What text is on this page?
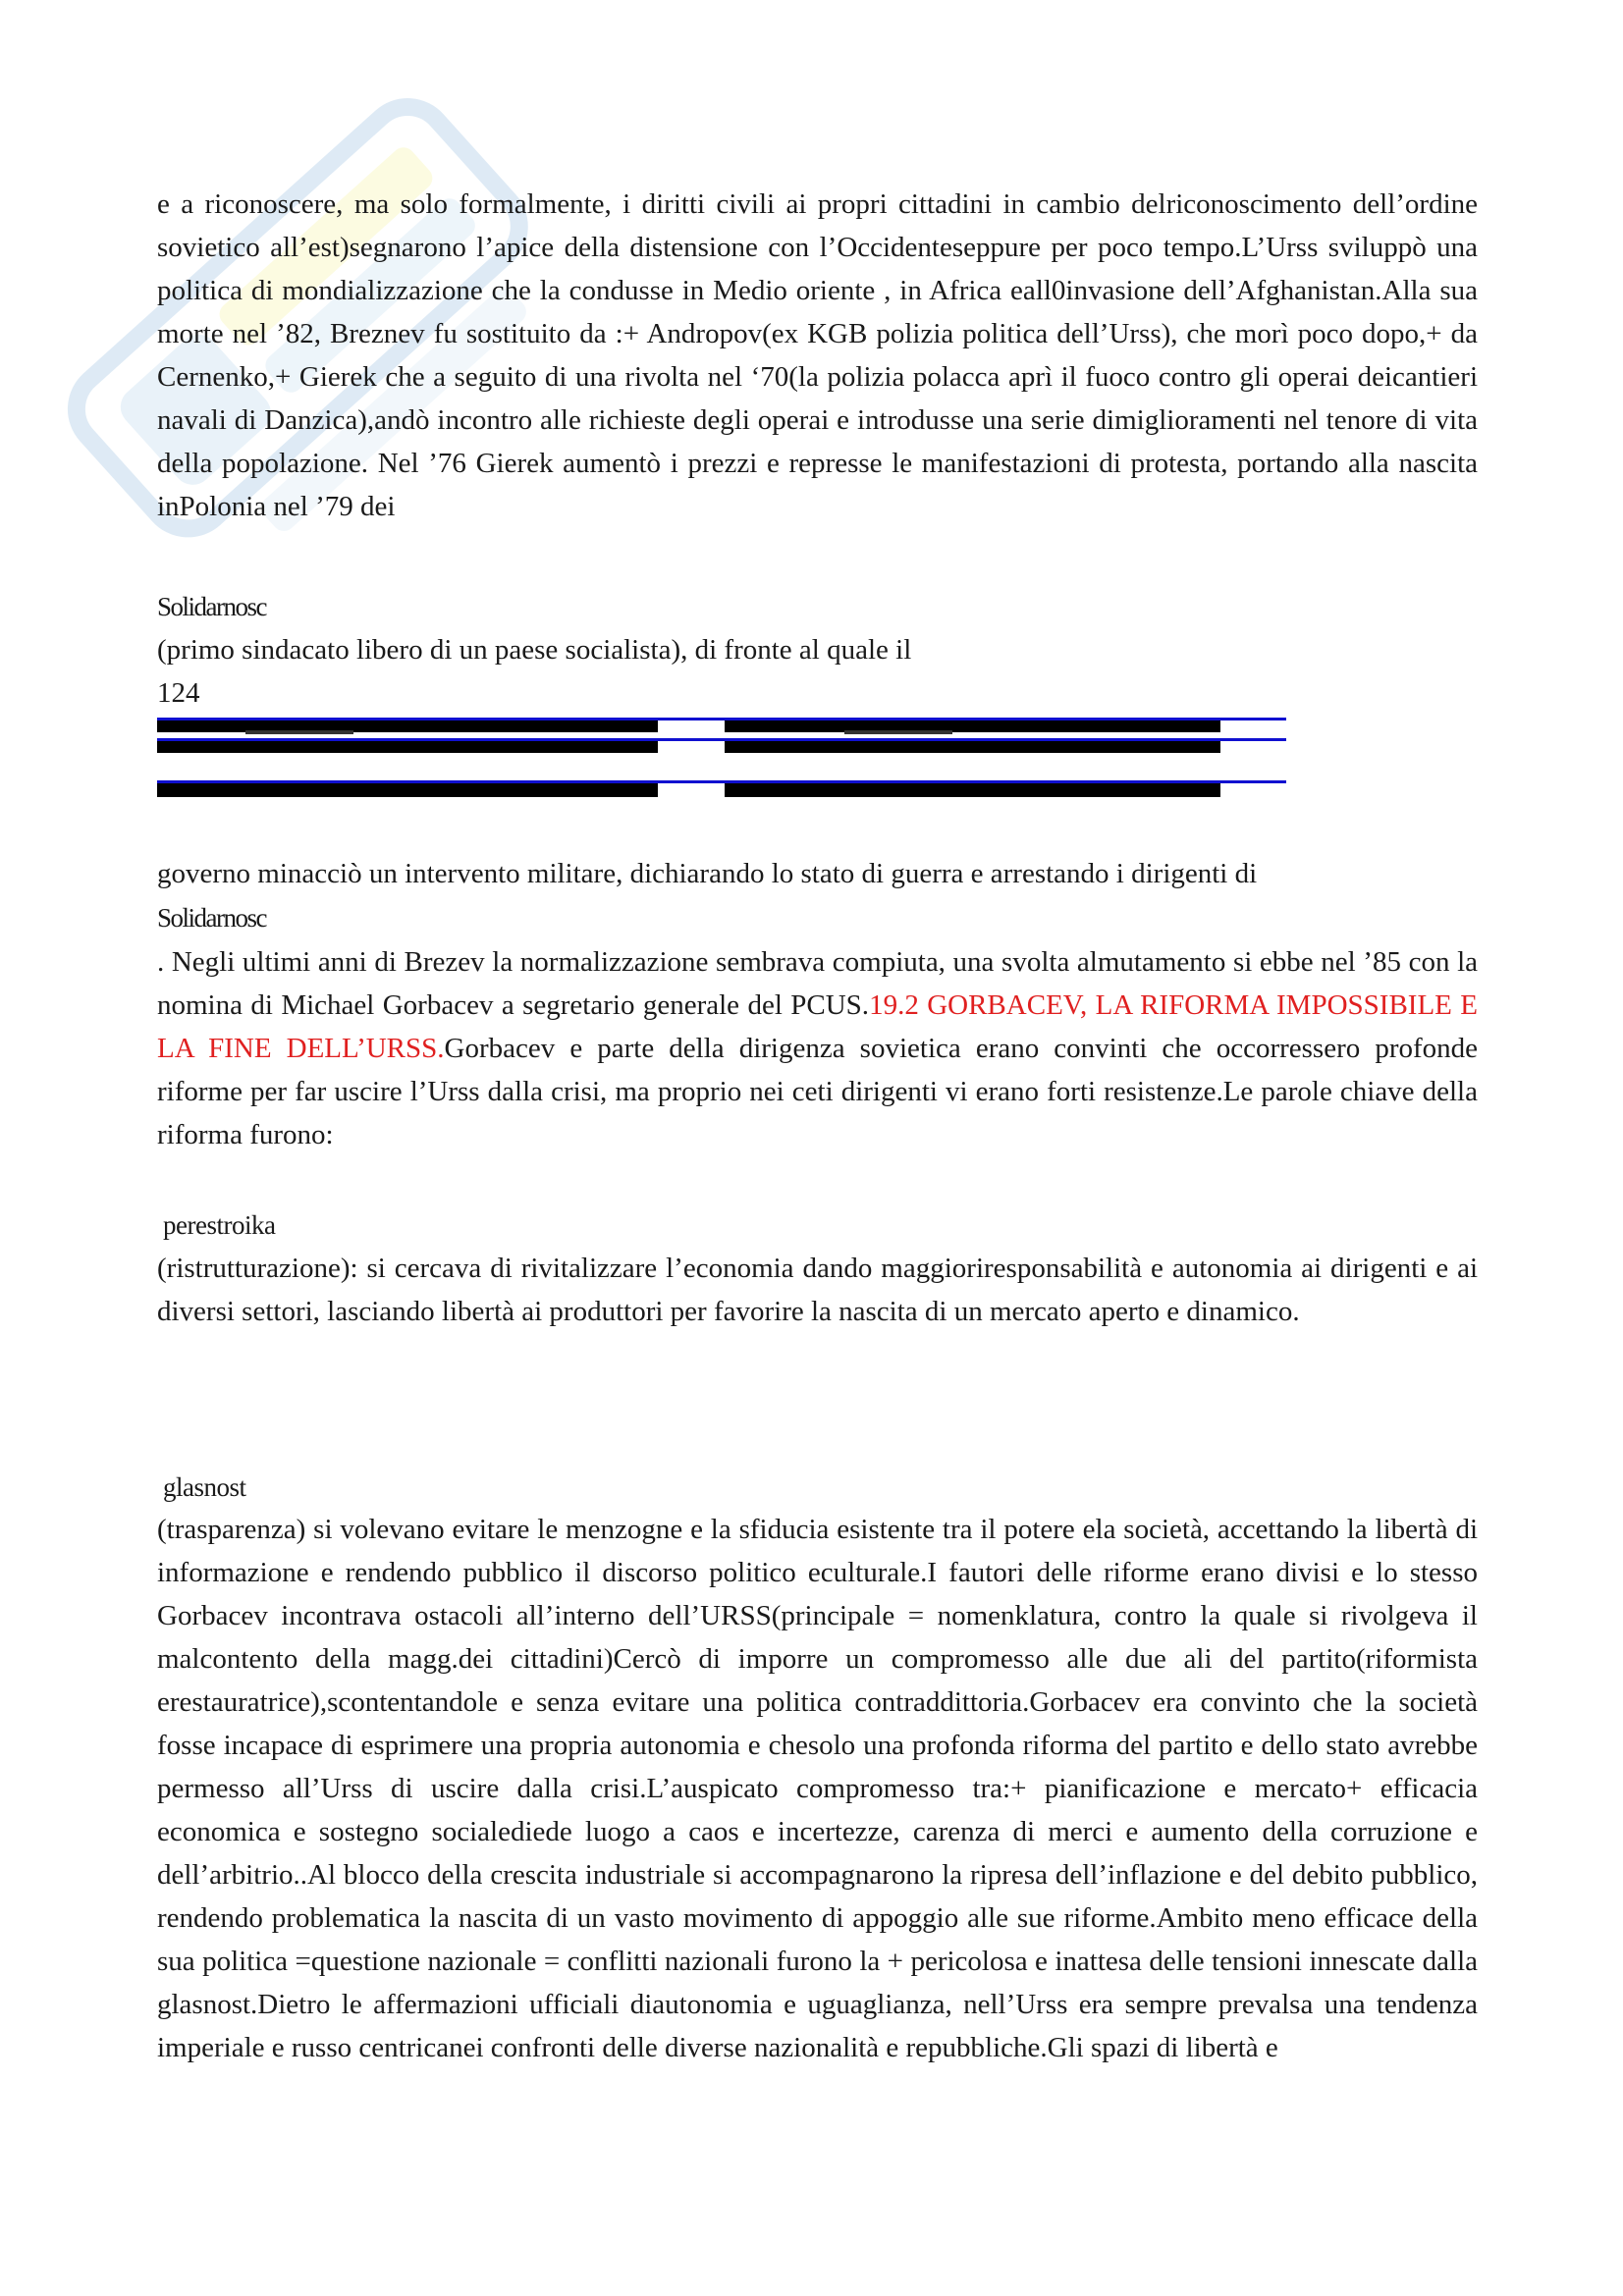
e a riconoscere, ma solo formalmente, i diritti civili ai propri cittadini in cambio delriconoscimento dell’ordine sovietico all’est)segnarono l’apice della distensione con l’Occidenteseppure per poco tempo.L’Urss sviluppò una politica di mondializzazione che la condusse in Medio oriente , in Africa eall0invasione dell’Afghanistan.Alla sua morte nel ’82, Breznev fu sostituito da :+ Andropov(ex KGB polizia politica dell’Urss), che morì poco dopo,+ da Cernenko,+ Gierek che a seguito di una rivolta nel ‘70(la polizia polacca aprì il fuoco contro gli operai deicantieri navali di Danzica),andò incontro alle richieste degli operai e introdusse una serie dimiglioramenti nel tenore di vita della popolazione. Nel ’76 Gierek aumentò i prezzi e represse le manifestazioni di protesta, portando alla nascita inPolonia nel ’79 dei

Solidarnosc
(primo sindacato libero di un paese socialista), di fronte al quale il
124
governo minacciò un intervento militare, dichiarando lo stato di guerra e arrestando i dirigenti di
Solidarnosc

. Negli ultimi anni di Brezev la normalizzazione sembrava compiuta, una svolta almutamento si ebbe nel ’85 con la nomina di Michael Gorbacev a segretario generale del PCUS.19.2 GORBACEV, LA RIFORMA IMPOSSIBILE E LA FINE DELL’URSS.Gorbacev e parte della dirigenza sovietica erano convinti che occorressero profonde riforme per far uscire l’Urss dalla crisi, ma proprio nei ceti dirigenti vi erano forti resistenze.Le parole chiave della riforma furono:

perestroika

(ristrutturazione): si cercava di rivitalizzare l’economia dando maggioriresponsabilità e autonomia ai dirigenti e ai diversi settori, lasciando libertà ai produttori per favorire la nascita di un mercato aperto e dinamico.

glasnost

(trasparenza) si volevano evitare le menzogne e la sfiducia esistente tra il potere ela società, accettando la libertà di informazione e rendendo pubblico il discorso politico eculturale.I fautori delle riforme erano divisi e lo stesso Gorbacev incontrava ostacoli all’interno dell’URSS(principale = nomenklatura, contro la quale si rivolgeva il malcontento della magg.dei cittadini)Cercò di imporre un compromesso alle due ali del partito(riformista erestauratrice),scontentandole e senza evitare una politica contraddittoria.Gorbacev era convinto che la società fosse incapace di esprimere una propria autonomia e chesolo una profonda riforma del partito e dello stato avrebbe permesso all’Urss di uscire dalla crisi.L’auspicato compromesso tra:+ pianificazione e mercato+ efficacia economica e sostegno socialediede luogo a caos e incertezze, carenza di merci e aumento della corruzione e dell’arbitrio..Al blocco della crescita industriale si accompagnarono la ripresa dell’inflazione e del debito pubblico, rendendo problematica la nascita di un vasto movimento di appoggio alle sue riforme.Ambito meno efficace della sua politica =questione nazionale = conflitti nazionali furono la + pericolosa e inattesa delle tensioni innescate dalla glasnost.Dietro le affermazioni ufficiali diautonomia e uguaglianza, nell’Urss era sempre prevalsa una tendenza imperiale e russo centricanei confronti delle diverse nazionalità e repubbliche.Gli spazi di libertà e
